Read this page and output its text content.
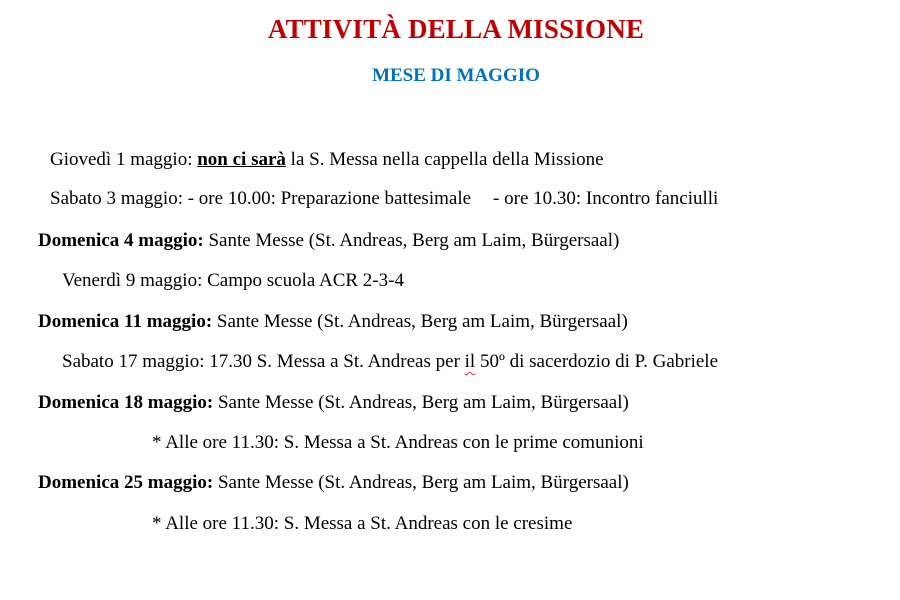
ATTIVITÀ DELLA MISSIONE
MESE DI MAGGIO
Giovedì 1 maggio: non ci sarà la S. Messa nella cappella della Missione
Sabato 3 maggio: - ore 10.00: Preparazione battesimale - ore 10.30: Incontro fanciulli
Domenica 4 maggio: Sante Messe (St. Andreas, Berg am Laim, Bürgersaal)
Venerdì 9 maggio: Campo scuola ACR 2-3-4
Domenica 11 maggio: Sante Messe (St. Andreas, Berg am Laim, Bürgersaal)
Sabato 17 maggio: 17.30 S. Messa a St. Andreas per il 50º di sacerdozio di P. Gabriele
Domenica 18 maggio: Sante Messe (St. Andreas, Berg am Laim, Bürgersaal)
* Alle ore 11.30: S. Messa a St. Andreas con le prime comunioni
Domenica 25 maggio: Sante Messe (St. Andreas, Berg am Laim, Bürgersaal)
* Alle ore 11.30: S. Messa a St. Andreas con le cresime
